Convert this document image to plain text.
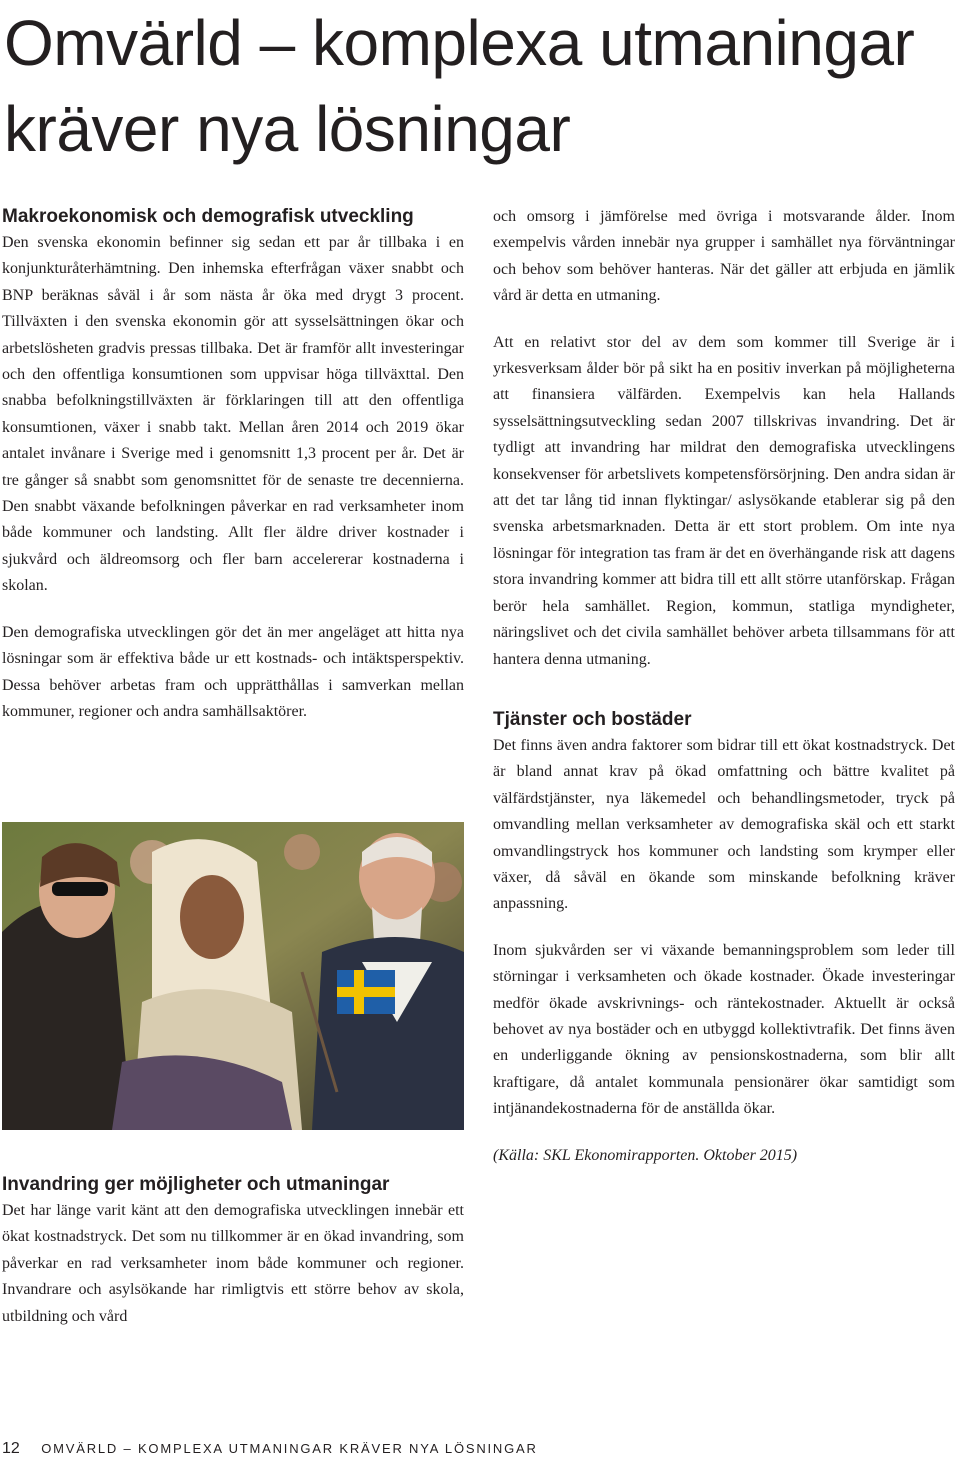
Omvärld – komplexa utmaningar kräver nya lösningar
Makroekonomisk och demografisk utveckling

Den svenska ekonomin befinner sig sedan ett par år tillbaka i en konjunkturåterhämtning. Den inhemska efterfrågan växer snabbt och BNP beräknas såväl i år som nästa år öka med drygt 3 procent. Tillväxten i den svenska ekonomin gör att sysselsättningen ökar och arbetslösheten gradvis pressas tillbaka. Det är framför allt investeringar och den offentliga konsumtionen som uppvisar höga tillväxttal. Den snabba befolkningstillväxten är förklaringen till att den offentliga konsumtionen, växer i snabb takt. Mellan åren 2014 och 2019 ökar antalet invånare i Sverige med i genomsnitt 1,3 procent per år. Det är tre gånger så snabbt som genomsnittet för de senaste tre decennierna. Den snabbt växande befolkningen påverkar en rad verksamheter inom både kommuner och landsting. Allt fler äldre driver kostnader i sjukvård och äldreomsorg och fler barn accelererar kostnaderna i skolan.

Den demografiska utvecklingen gör det än mer angeläget att hitta nya lösningar som är effektiva både ur ett kostnads- och intäktsperspektiv. Dessa behöver arbetas fram och upprätthållas i samverkan mellan kommuner, regioner och andra samhällsaktörer.

Invandring ger möjligheter och utmaningar

Det har länge varit känt att den demografiska utvecklingen innebär ett ökat kostnadstryck. Det som nu tillkommer är en ökad invandring, som påverkar en rad verksamheter inom både kommuner och regioner. Invandrare och asylsökande har rimligtvis ett större behov av skola, utbildning och vård

och omsorg i jämförelse med övriga i motsvarande ålder. Inom exempelvis vården innebär nya grupper i samhället nya förväntningar och behov som behöver hanteras. När det gäller att erbjuda en jämlik vård är detta en utmaning.

Att en relativt stor del av dem som kommer till Sverige är i yrkesverksam ålder bör på sikt ha en positiv inverkan på möjligheterna att finansiera välfärden. Exempelvis kan hela Hallands sysselsättningsutveckling sedan 2007 tillskrivas invandring. Det är tydligt att invandring har mildrat den demografiska utvecklingens konsekvenser för arbetslivets kompetensförsörjning. Den andra sidan är att det tar lång tid innan flyktingar/ aslysökande etablerar sig på den svenska arbetsmarknaden. Detta är ett stort problem. Om inte nya lösningar för integration tas fram är det en överhängande risk att dagens stora invandring kommer att bidra till ett allt större utanförskap. Frågan berör hela samhället. Region, kommun, statliga myndigheter, näringslivet och det civila samhället behöver arbeta tillsammans för att hantera denna utmaning.

Tjänster och bostäder

Det finns även andra faktorer som bidrar till ett ökat kostnadstryck. Det är bland annat krav på ökad omfattning och bättre kvalitet på välfärdstjänster, nya läkemedel och behandlingsmetoder, tryck på omvandling mellan verksamheter av demografiska skäl och ett starkt omvandlingstryck hos kommuner och landsting som krymper eller växer, då såväl en ökande som minskande befolkning kräver anpassning.

Inom sjukvården ser vi växande bemanningsproblem som leder till störningar i verksamheten och ökade kostnader. Ökade investeringar medför ökade avskrivnings- och räntekostnader. Aktuellt är också behovet av nya bostäder och en utbyggd kollektivtrafik. Det finns även en underliggande ökning av pensionskostnaderna, som blir allt kraftigare, då antalet kommunala pensionärer ökar samtidigt som intjänandekostnaderna för de anställda ökar.

(Källa: SKL Ekonomirapporten. Oktober 2015)

12 OMVÄRLD – KOMPLEXA UTMANINGAR KRÄVER NYA LÖSNINGAR
